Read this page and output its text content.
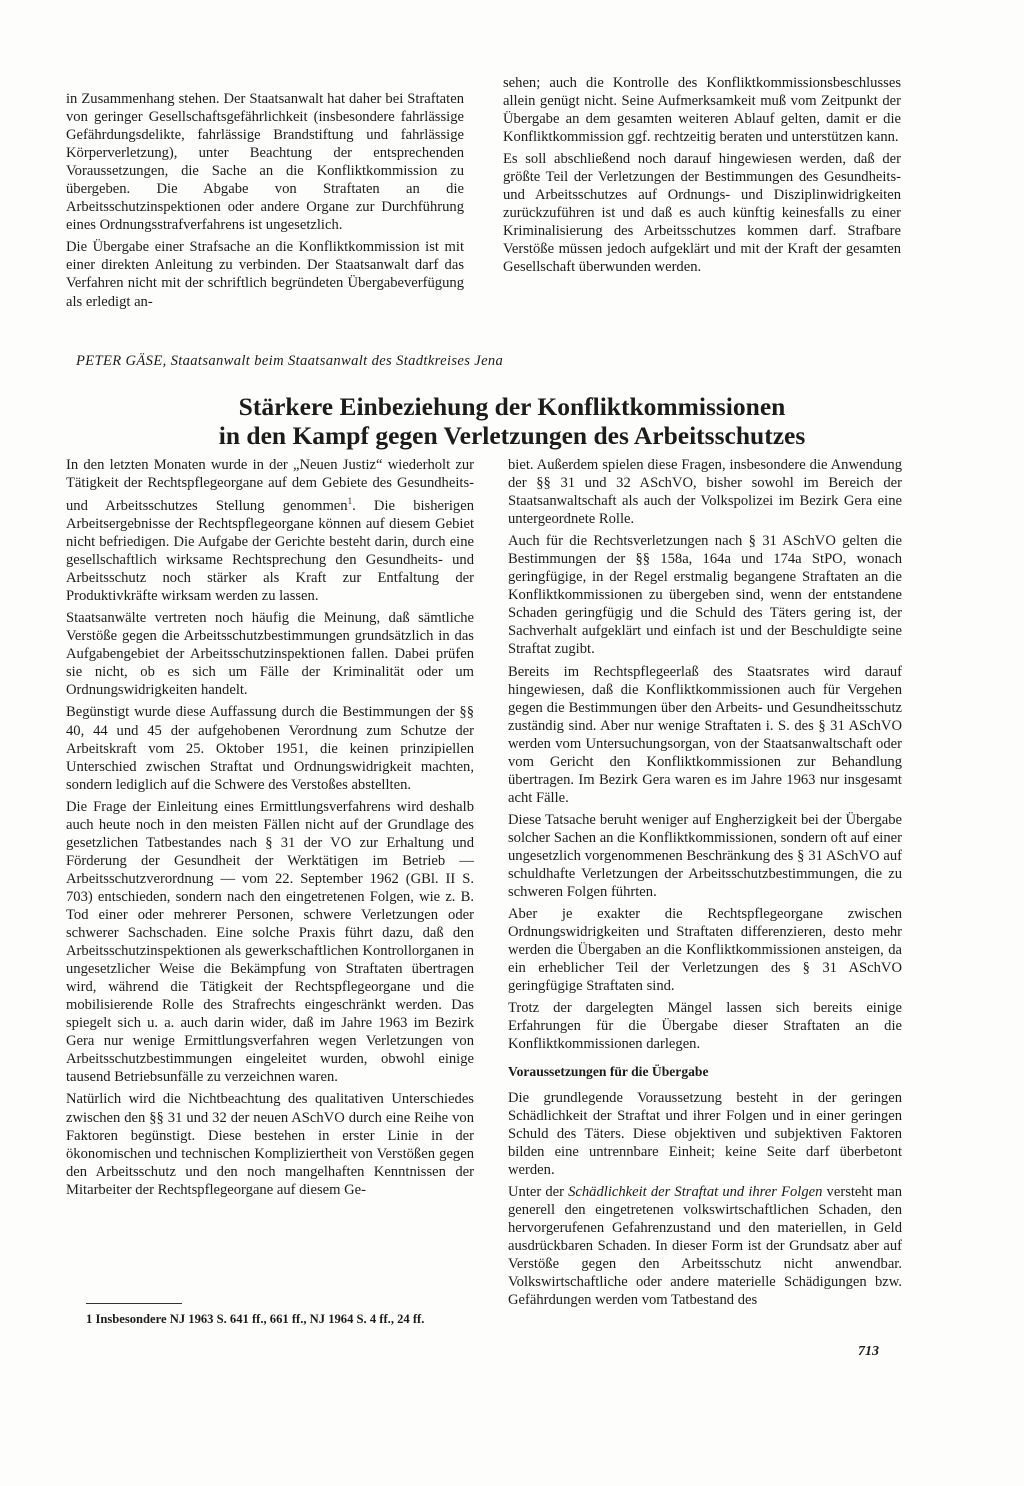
in Zusammenhang stehen. Der Staatsanwalt hat daher bei Straftaten von geringer Gesellschaftsgefährlichkeit (insbesondere fahrlässige Gefährdungsdelikte, fahrlässige Brandstiftung und fahrlässige Körperverletzung), unter Beachtung der entsprechenden Voraussetzungen, die Sache an die Konfliktkommission zu übergeben. Die Abgabe von Straftaten an die Arbeitsschutzinspektionen oder andere Organe zur Durchführung eines Ordnungsstrafverfahrens ist ungesetzlich.

Die Übergabe einer Strafsache an die Konfliktkommission ist mit einer direkten Anleitung zu verbinden. Der Staatsanwalt darf das Verfahren nicht mit der schriftlich begründeten Übergabeverfügung als erledigt an-

sehen; auch die Kontrolle des Konfliktkommissionsbeschlusses allein genügt nicht. Seine Aufmerksamkeit muß vom Zeitpunkt der Übergabe an dem gesamten weiteren Ablauf gelten, damit er die Konfliktkommission ggf. rechtzeitig beraten und unterstützen kann.

Es soll abschließend noch darauf hingewiesen werden, daß der größte Teil der Verletzungen der Bestimmungen des Gesundheits- und Arbeitsschutzes auf Ordnungs- und Disziplinwidrigkeiten zurückzuführen ist und daß es auch künftig keinesfalls zu einer Kriminalisierung des Arbeitsschutzes kommen darf. Strafbare Verstöße müssen jedoch aufgeklärt und mit der Kraft der gesamten Gesellschaft überwunden werden.

PETER GÄSE, Staatsanwalt beim Staatsanwalt des Stadtkreises Jena
Stärkere Einbeziehung der Konfliktkommissionen
in den Kampf gegen Verletzungen des Arbeitsschutzes

In den letzten Monaten wurde in der „Neuen Justiz“ wiederholt zur Tätigkeit der Rechtspflegeorgane auf dem Gebiete des Gesundheits- und Arbeitsschutzes Stellung genommen$^1$. Die bisherigen Arbeitsergebnisse der Rechtspflegeorgane können auf diesem Gebiet nicht befriedigen. Die Aufgabe der Gerichte besteht darin, durch eine gesellschaftlich wirksame Rechtsprechung den Gesundheits- und Arbeitsschutz noch stärker als Kraft zur Entfaltung der Produktivkräfte wirksam werden zu lassen.

Staatsanwälte vertreten noch häufig die Meinung, daß sämtliche Verstöße gegen die Arbeitsschutzbestimmungen grundsätzlich in das Aufgabengebiet der Arbeitsschutzinspektionen fallen. Dabei prüfen sie nicht, ob es sich um Fälle der Kriminalität oder um Ordnungswidrigkeiten handelt.

Begünstigt wurde diese Auffassung durch die Bestimmungen der §§ 40, 44 und 45 der aufgehobenen Verordnung zum Schutze der Arbeitskraft vom 25. Oktober 1951, die keinen prinzipiellen Unterschied zwischen Straftat und Ordnungswidrigkeit machten, sondern lediglich auf die Schwere des Verstoßes abstellten.

Die Frage der Einleitung eines Ermittlungsverfahrens wird deshalb auch heute noch in den meisten Fällen nicht auf der Grundlage des gesetzlichen Tatbestandes nach § 31 der VO zur Erhaltung und Förderung der Gesundheit der Werktätigen im Betrieb — Arbeitsschutzverordnung — vom 22. September 1962 (GBl. II S. 703) entschieden, sondern nach den eingetretenen Folgen, wie z. B. Tod einer oder mehrerer Personen, schwere Verletzungen oder schwerer Sachschaden. Eine solche Praxis führt dazu, daß den Arbeitsschutzinspektionen als gewerkschaftlichen Kontrollorganen in ungesetzlicher Weise die Bekämpfung von Straftaten übertragen wird, während die Tätigkeit der Rechtspflegeorgane und die mobilisierende Rolle des Strafrechts eingeschränkt werden. Das spiegelt sich u. a. auch darin wider, daß im Jahre 1963 im Bezirk Gera nur wenige Ermittlungsverfahren wegen Verletzungen von Arbeitsschutzbestimmungen eingeleitet wurden, obwohl einige tausend Betriebsunfälle zu verzeichnen waren.

Natürlich wird die Nichtbeachtung des qualitativen Unterschiedes zwischen den §§ 31 und 32 der neuen ASchVO durch eine Reihe von Faktoren begünstigt. Diese bestehen in erster Linie in der ökonomischen und technischen Kompliziertheit von Verstößen gegen den Arbeitsschutz und den noch mangelhaften Kenntnissen der Mitarbeiter der Rechtspflegeorgane auf diesem Ge-

biet. Außerdem spielen diese Fragen, insbesondere die Anwendung der §§ 31 und 32 ASchVO, bisher sowohl im Bereich der Staatsanwaltschaft als auch der Volkspolizei im Bezirk Gera eine untergeordnete Rolle.

Auch für die Rechtsverletzungen nach § 31 ASchVO gelten die Bestimmungen der §§ 158a, 164a und 174a StPO, wonach geringfügige, in der Regel erstmalig begangene Straftaten an die Konfliktkommissionen zu übergeben sind, wenn der entstandene Schaden geringfügig und die Schuld des Täters gering ist, der Sachverhalt aufgeklärt und einfach ist und der Beschuldigte seine Straftat zugibt.

Bereits im Rechtspflegeerlaß des Staatsrates wird darauf hingewiesen, daß die Konfliktkommissionen auch für Vergehen gegen die Bestimmungen über den Arbeits- und Gesundheitsschutz zuständig sind. Aber nur wenige Straftaten i. S. des § 31 ASchVO werden vom Untersuchungsorgan, von der Staatsanwaltschaft oder vom Gericht den Konfliktkommissionen zur Behandlung übertragen. Im Bezirk Gera waren es im Jahre 1963 nur insgesamt acht Fälle.

Diese Tatsache beruht weniger auf Engherzigkeit bei der Übergabe solcher Sachen an die Konfliktkommissionen, sondern oft auf einer ungesetzlich vorgenommenen Beschränkung des § 31 ASchVO auf schuldhafte Verletzungen der Arbeitsschutzbestimmungen, die zu schweren Folgen führten.

Aber je exakter die Rechtspflegeorgane zwischen Ordnungswidrigkeiten und Straftaten differenzieren, desto mehr werden die Übergaben an die Konfliktkommissionen ansteigen, da ein erheblicher Teil der Verletzungen des § 31 ASchVO geringfügige Straftaten sind.

Trotz der dargelegten Mängel lassen sich bereits einige Erfahrungen für die Übergabe dieser Straftaten an die Konfliktkommissionen darlegen.

Voraussetzungen für die Übergabe

Die grundlegende Voraussetzung besteht in der geringen Schädlichkeit der Straftat und ihrer Folgen und in einer geringen Schuld des Täters. Diese objektiven und subjektiven Faktoren bilden eine untrennbare Einheit; keine Seite darf überbetont werden.

Unter der Schädlichkeit der Straftat und ihrer Folgen versteht man generell den eingetretenen volkswirtschaftlichen Schaden, den hervorgerufenen Gefahrenzustand und den materiellen, in Geld ausdrückbaren Schaden. In dieser Form ist der Grundsatz aber auf Verstöße gegen den Arbeitsschutz nicht anwendbar. Volkswirtschaftliche oder andere materielle Schädigungen bzw. Gefährdungen werden vom Tatbestand des

1 Insbesondere NJ 1963 S. 641 ff., 661 ff., NJ 1964 S. 4 ff., 24 ff.
713
